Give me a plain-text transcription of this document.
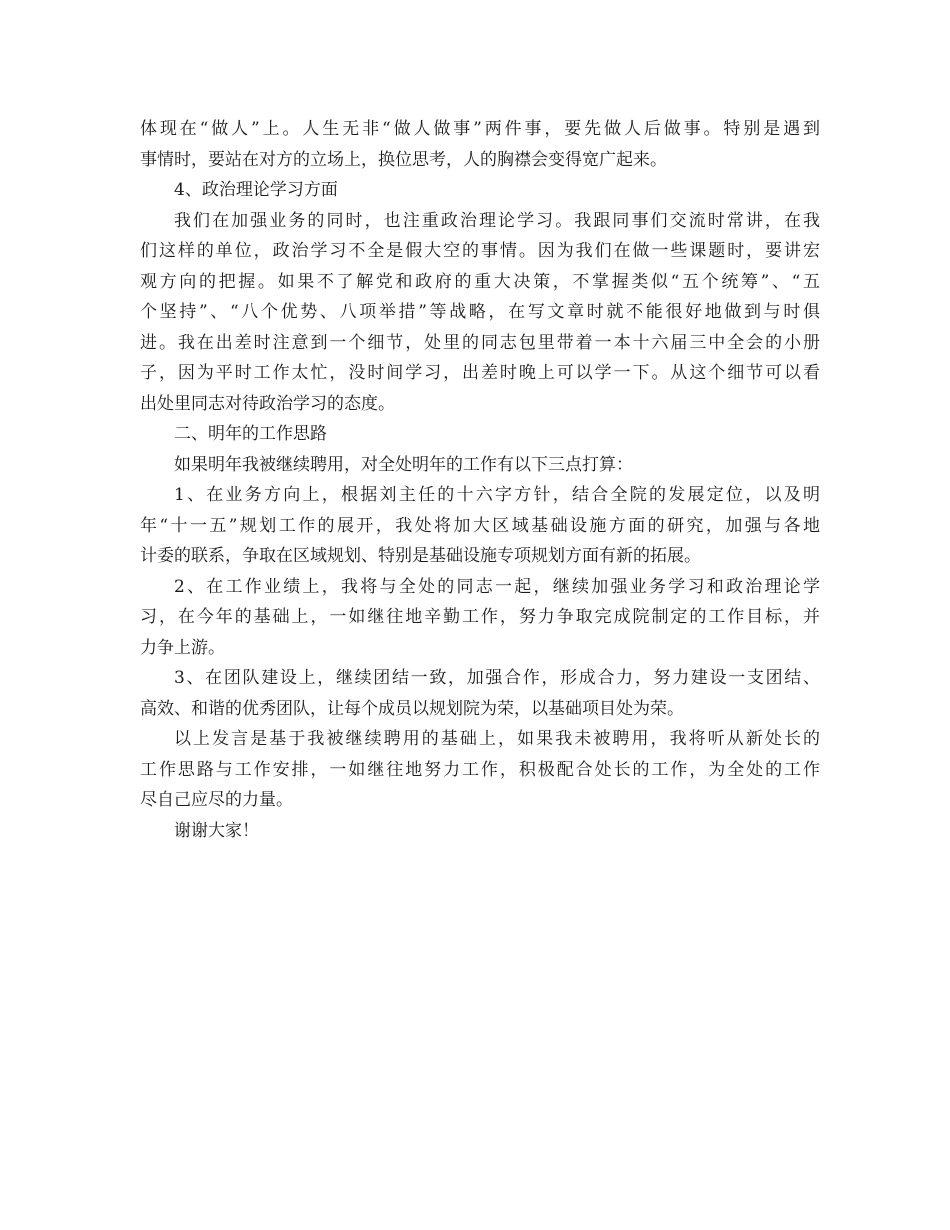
体现在“做人”上。人生无非“做人做事”两件事，要先做人后做事。特别是遇到
事情时，要站在对方的立场上，换位思考，人的胸襟会变得宽广起来。
4、政治理论学习方面
我们在加强业务的同时，也注重政治理论学习。我跟同事们交流时常讲，在我
们这样的单位，政治学习不全是假大空的事情。因为我们在做一些课题时，要讲宏
观方向的把握。如果不了解党和政府的重大决策，不掌握类似“五个统筹”、“五
个坚持”、“八个优势、八项举措”等战略，在写文章时就不能很好地做到与时俱
进。我在出差时注意到一个细节，处里的同志包里带着一本十六届三中全会的小册
子，因为平时工作太忙，没时间学习，出差时晚上可以学一下。从这个细节可以看
出处里同志对待政治学习的态度。
二、明年的工作思路
如果明年我被继续聘用，对全处明年的工作有以下三点打算：
1、在业务方向上，根据刘主任的十六字方针，结合全院的发展定位，以及明
年“十一五”规划工作的展开，我处将加大区域基础设施方面的研究，加强与各地
计委的联系，争取在区域规划、特别是基础设施专项规划方面有新的拓展。
2、在工作业绩上，我将与全处的同志一起，继续加强业务学习和政治理论学
习，在今年的基础上，一如继往地辛勤工作，努力争取完成院制定的工作目标，并
力争上游。
3、在团队建设上，继续团结一致，加强合作，形成合力，努力建设一支团结、
高效、和谐的优秀团队，让每个成员以规划院为荣，以基础项目处为荣。
以上发言是基于我被继续聘用的基础上，如果我未被聘用，我将听从新处长的
工作思路与工作安排，一如继往地努力工作，积极配合处长的工作，为全处的工作
尽自己应尽的力量。
谢谢大家！
